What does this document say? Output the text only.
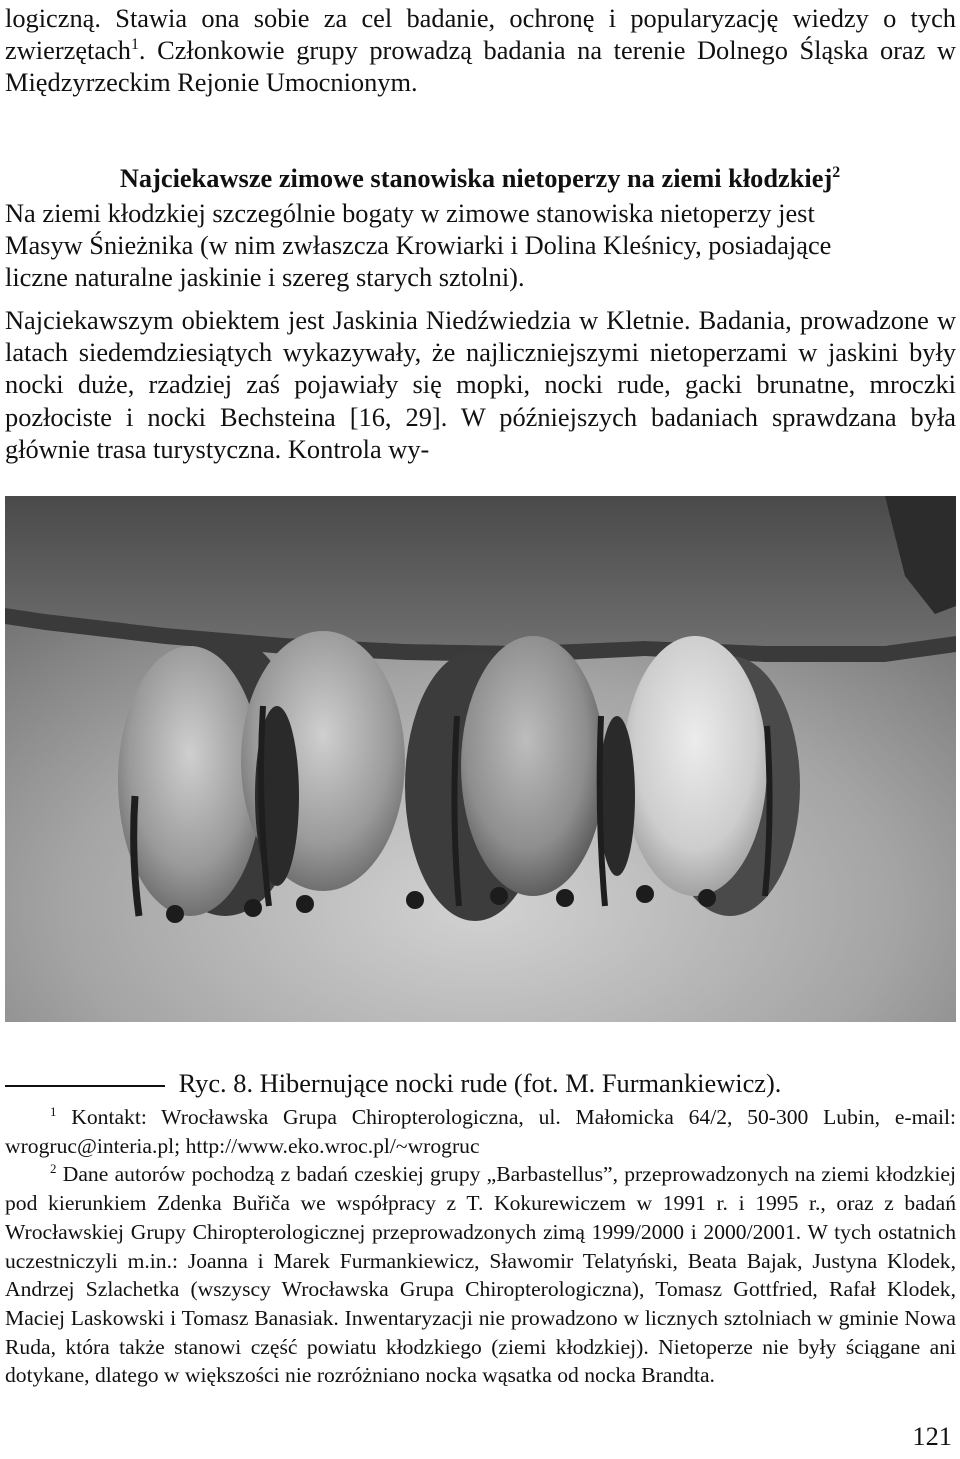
logiczną. Stawia ona sobie za cel badanie, ochronę i popularyzację wiedzy o tych zwierzętach$^1$. Członkowie grupy prowadzą badania na terenie Dolnego Śląska oraz w Międzyrzeckim Rejonie Umocnionym.

Najciekawsze zimowe stanowiska nietoperzy na ziemi kłodzkiej$^2$

Na ziemi kłodzkiej szczególnie bogaty w zimowe stanowiska nietoperzy jest
Masyw Śnieżnika (w nim zwłaszcza Krowiarki i Dolina Kleśnicy, posiadające
liczne naturalne jaskinie i szereg starych sztolni).

Najciekawszym obiektem jest Jaskinia Niedźwiedzia w Kletnie. Badania, prowadzone w latach siedemdziesiątych wykazywały, że najliczniejszymi nietoperzami w jaskini były nocki duże, rzadziej zaś pojawiały się mopki, nocki rude, gacki brunatne, mroczki pozłociste i nocki Bechsteina [16, 29]. W późniejszych badaniach sprawdzana była głównie trasa turystyczna. Kontrola wy-

Ryc. 8. Hibernujące nocki rude (fot. M. Furmankiewicz).

$^1$ Kontakt: Wrocławska Grupa Chiropterologiczna, ul. Małomicka 64/2, 50-300 Lubin, e-mail: wrogruc@interia.pl; http://www.eko.wroc.pl/~wrogruc

$^2$ Dane autorów pochodzą z badań czeskiej grupy „Barbastellus”, przeprowadzonych na ziemi kłodzkiej pod kierunkiem Zdenka Buřiča we współpracy z T. Kokurewiczem w 1991 r. i 1995 r., oraz z badań Wrocławskiej Grupy Chiropterologicznej przeprowadzonych zimą 1999/2000 i 2000/2001. W tych ostatnich uczestniczyli m.in.: Joanna i Marek Furmankiewicz, Sławomir Telatyński, Beata Bajak, Justyna Klodek, Andrzej Szlachetka (wszyscy Wrocławska Grupa Chiropterologiczna), Tomasz Gottfried, Rafał Klodek, Maciej Laskowski i Tomasz Banasiak. Inwentaryzacji nie prowadzono w licznych sztolniach w gminie Nowa Ruda, która także stanowi część powiatu kłodzkiego (ziemi kłodzkiej). Nietoperze nie były ściągane ani dotykane, dlatego w większości nie rozróżniano nocka wąsatka od nocka Brandta.

121
